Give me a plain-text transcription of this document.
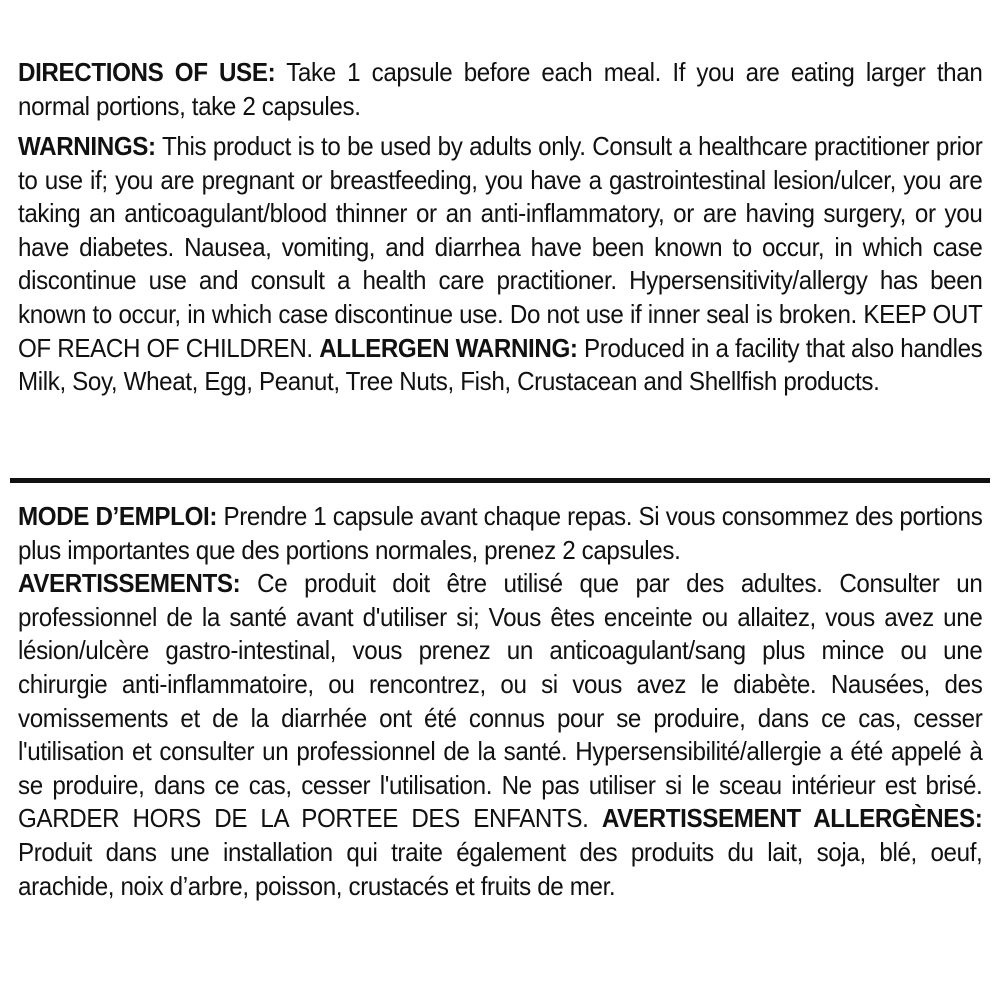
DIRECTIONS OF USE: Take 1 capsule before each meal. If you are eating larger than normal portions, take 2 capsules.

WARNINGS: This product is to be used by adults only. Consult a healthcare practitioner prior to use if; you are pregnant or breastfeeding, you have a gastrointestinal lesion/ulcer, you are taking an anticoagulant/blood thinner or an anti-inflammatory, or are having surgery, or you have diabetes. Nausea, vomiting, and diarrhea have been known to occur, in which case discontinue use and consult a health care practitioner. Hypersensitivity/allergy has been known to occur, in which case discontinue use. Do not use if inner seal is broken. KEEP OUT OF REACH OF CHILDREN. ALLERGEN WARNING: Produced in a facility that also handles Milk, Soy, Wheat, Egg, Peanut, Tree Nuts, Fish, Crustacean and Shellfish products.

MODE D’EMPLOI: Prendre 1 capsule avant chaque repas. Si vous consommez des portions plus importantes que des portions normales, prenez 2 capsules.

AVERTISSEMENTS: Ce produit doit être utilisé que par des adultes. Consulter un professionnel de la santé avant d'utiliser si; Vous êtes enceinte ou allaitez, vous avez une lésion/ulcère gastro-intestinal, vous prenez un anticoagulant/sang plus mince ou une chirurgie anti-inflammatoire, ou rencontrez, ou si vous avez le diabète. Nausées, des vomissements et de la diarrhée ont été connus pour se produire, dans ce cas, cesser l'utilisation et consulter un professionnel de la santé. Hypersensibilité/allergie a été appelé à se produire, dans ce cas, cesser l'utilisation. Ne pas utiliser si le sceau intérieur est brisé. GARDER HORS DE LA PORTEE DES ENFANTS. AVERTISSEMENT ALLERGÈNES: Produit dans une installation qui traite également des produits du lait, soja, blé, oeuf, arachide, noix d’arbre, poisson, crustacés et fruits de mer.
